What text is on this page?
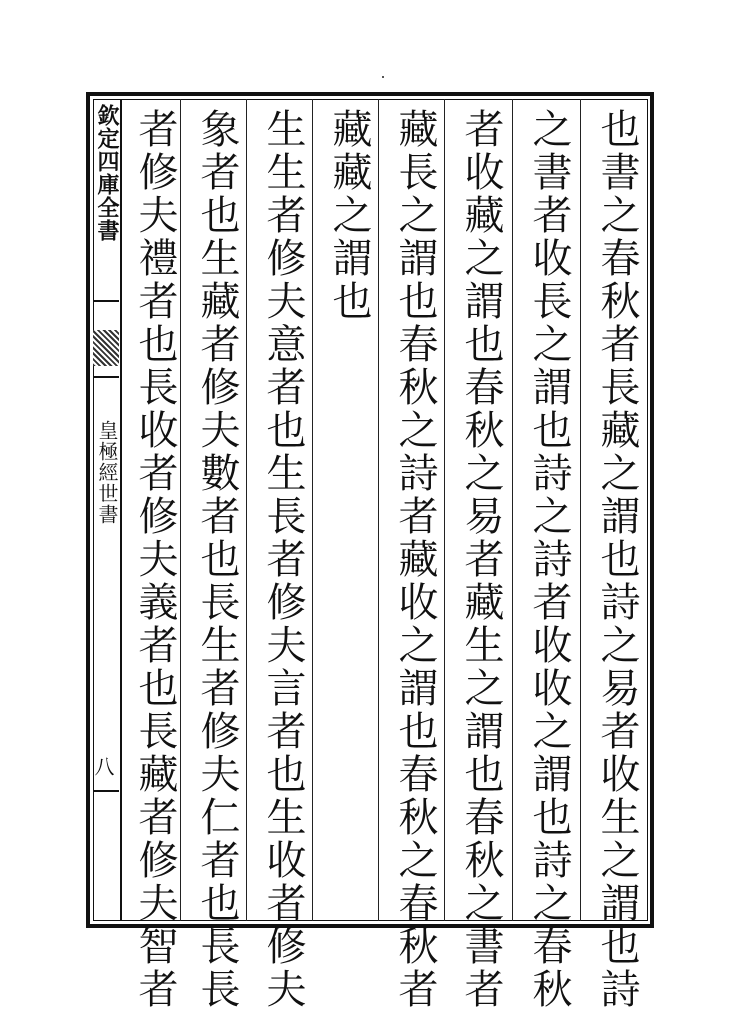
欽定四庫全書
皇極經世書
八	也書之春秋者長藏之謂也詩之易者收生之謂也詩
之書者收長之謂也詩之詩者收收之謂也詩之春秋
者收藏之謂也春秋之易者藏生之謂也春秋之書者
藏長之謂也春秋之詩者藏收之謂也春秋之春秋者
藏藏之謂也
生生者修夫意者也生長者修夫言者也生收者修夫
象者也生藏者修夫數者也長生者修夫仁者也長長
者修夫禮者也長收者修夫義者也長藏者修夫智者
